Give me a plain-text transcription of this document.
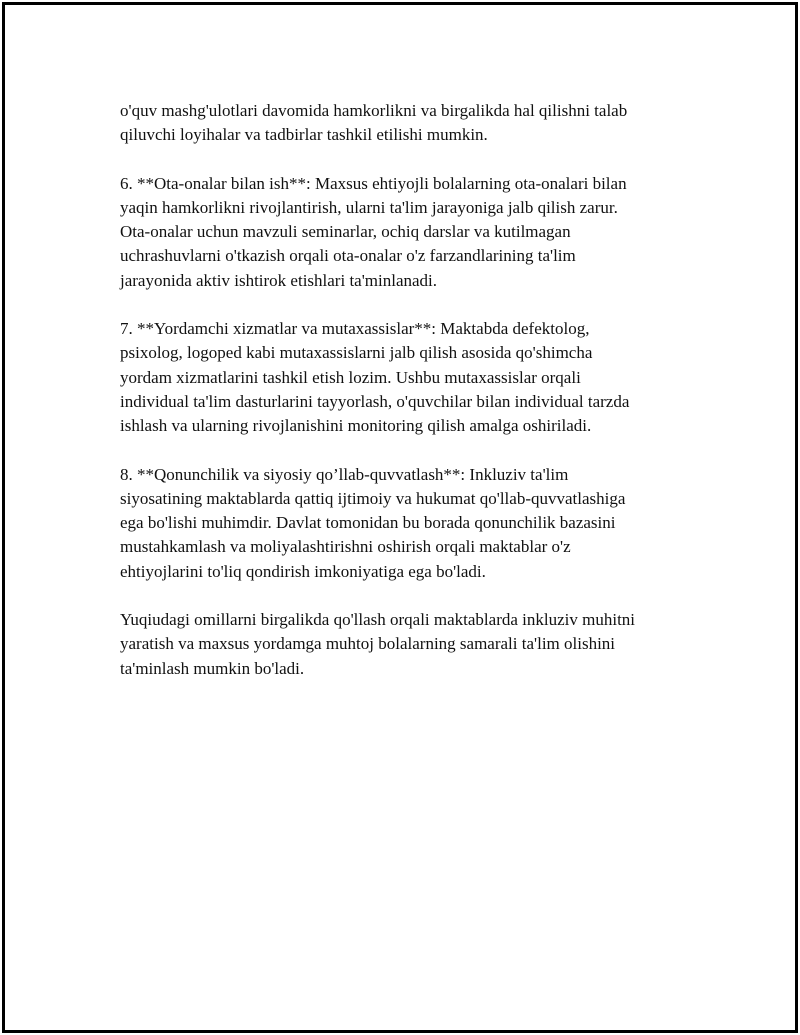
o'quv mashg'ulotlari davomida hamkorlikni va birgalikda hal qilishni talab
qiluvchi loyihalar va tadbirlar tashkil etilishi mumkin.

6. **Ota-onalar bilan ish**: Maxsus ehtiyojli bolalarning ota-onalari bilan
yaqin hamkorlikni rivojlantirish, ularni ta'lim jarayoniga jalb qilish zarur.
Ota-onalar uchun mavzuli seminarlar, ochiq darslar va kutilmagan
uchrashuvlarni o'tkazish orqali ota-onalar o'z farzandlarining ta'lim
jarayonida aktiv ishtirok etishlari ta'minlanadi.

7. **Yordamchi xizmatlar va mutaxassislar**: Maktabda defektolog,
psixolog, logoped kabi mutaxassislarni jalb qilish asosida qo'shimcha
yordam xizmatlarini tashkil etish lozim. Ushbu mutaxassislar orqali
individual ta'lim dasturlarini tayyorlash, o'quvchilar bilan individual tarzda
ishlash va ularning rivojlanishini monitoring qilish amalga oshiriladi.

8. **Qonunchilik va siyosiy qo’llab-quvvatlash**: Inkluziv ta'lim
siyosatining maktablarda qattiq ijtimoiy va hukumat qo'llab-quvvatlashiga
ega bo'lishi muhimdir. Davlat tomonidan bu borada qonunchilik bazasini
mustahkamlash va moliyalashtirishni oshirish orqali maktablar o'z
ehtiyojlarini to'liq qondirish imkoniyatiga ega bo'ladi.

Yuqiudagi omillarni birgalikda qo'llash orqali maktablarda inkluziv muhitni
yaratish va maxsus yordamga muhtoj bolalarning samarali ta'lim olishini
ta'minlash mumkin bo'ladi.
